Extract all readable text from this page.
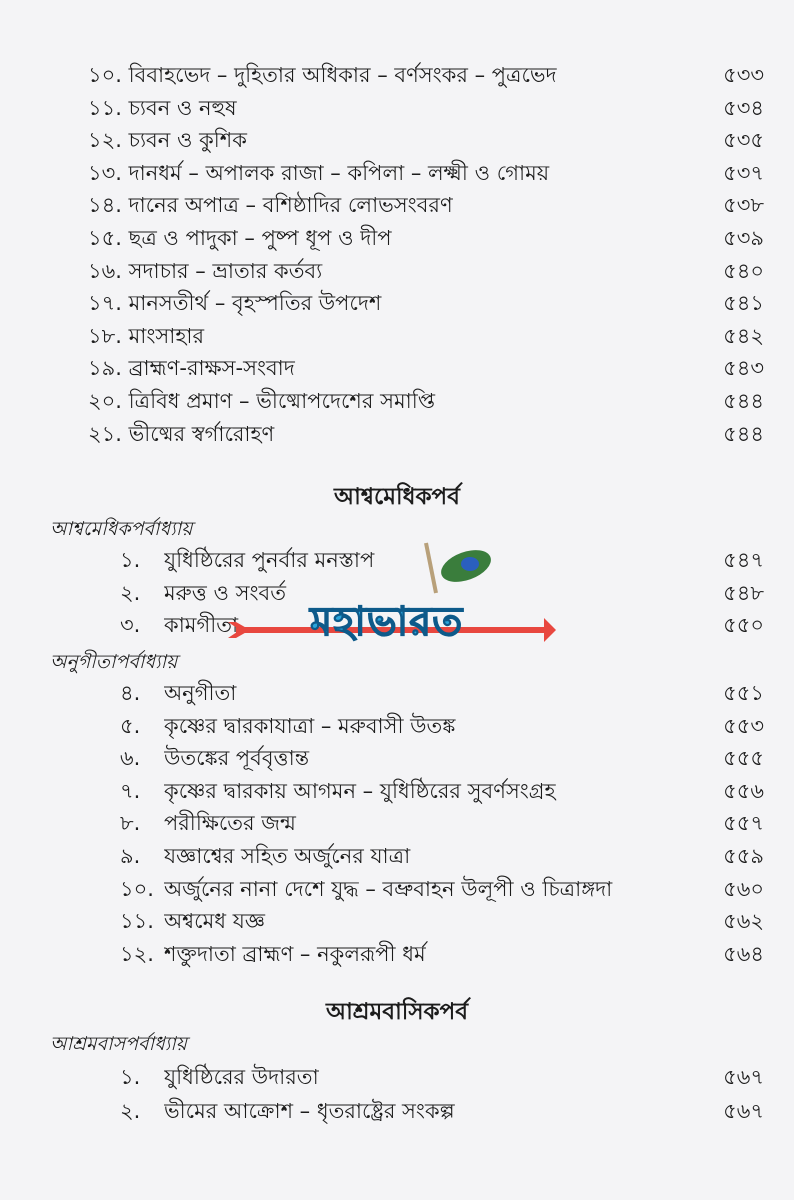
১০. বিবাহভেদ – দুহিতার অধিকার – বর্ণসংকর – পুত্রভেদ	৫৩৩
১১. চ্যবন ও নহুষ	৫৩৪
১২. চ্যবন ও কুশিক	৫৩৫
১৩. দানধর্ম – অপালক রাজা – কপিলা – লক্ষ্মী ও গোময়	৫৩৭
১৪. দানের অপাত্র – বশিষ্ঠাদির লোভসংবরণ	৫৩৮
১৫. ছত্র ও পাদুকা – পুষ্প ধূপ ও দীপ	৫৩৯
১৬. সদাচার – ভ্রাতার কর্তব্য	৫৪০
১৭. মানসতীর্থ – বৃহস্পতির উপদেশ	৫৪১
১৮. মাংসাহার	৫৪২
১৯. ব্রাহ্মণ-রাক্ষস-সংবাদ	৫৪৩
২০. ত্রিবিধ প্রমাণ – ভীষ্মোপদেশের সমাপ্তি	৫৪৪
২১. ভীষ্মের স্বর্গারোহণ	৫৪৪
আশ্বমেধিকপর্ব
আশ্বমেধিকপর্বাধ্যায়
১.	যুধিষ্ঠিরের পুনর্বার মনস্তাপ	৫৪৭
২.	মরুত্ত ও সংবর্ত	৫৪৮
৩.	কামগীতা	৫৫০
অনুগীতাপর্বাধ্যায়
৪.	অনুগীতা	৫৫১
৫.	কৃষ্ণের দ্বারকাযাত্রা – মরুবাসী উতঙ্ক	৫৫৩
৬.	উতঙ্কের পূর্ববৃত্তান্ত	৫৫৫
৭.	কৃষ্ণের দ্বারকায় আগমন – যুধিষ্ঠিরের সুবর্ণসংগ্রহ	৫৫৬
৮.	পরীক্ষিতের জন্ম	৫৫৭
৯.	যজ্ঞাশ্বের সহিত অর্জুনের যাত্রা	৫৫৯
১০. অর্জুনের নানা দেশে যুদ্ধ – বভ্রুবাহন উলূপী ও চিত্রাঙ্গদা	৫৬০
১১. অশ্বমেধ যজ্ঞ	৫৬২
১২. শক্তুদাতা ব্রাহ্মণ – নকুলরূপী ধর্ম	৫৬৪
আশ্রমবাসিকপর্ব
আশ্রমবাসপর্বাধ্যায়
১.	যুধিষ্ঠিরের উদারতা	৫৬৭
২.	ভীমের আক্রোশ – ধৃতরাষ্ট্রের সংকল্প	৫৬৭
মহাভারত
